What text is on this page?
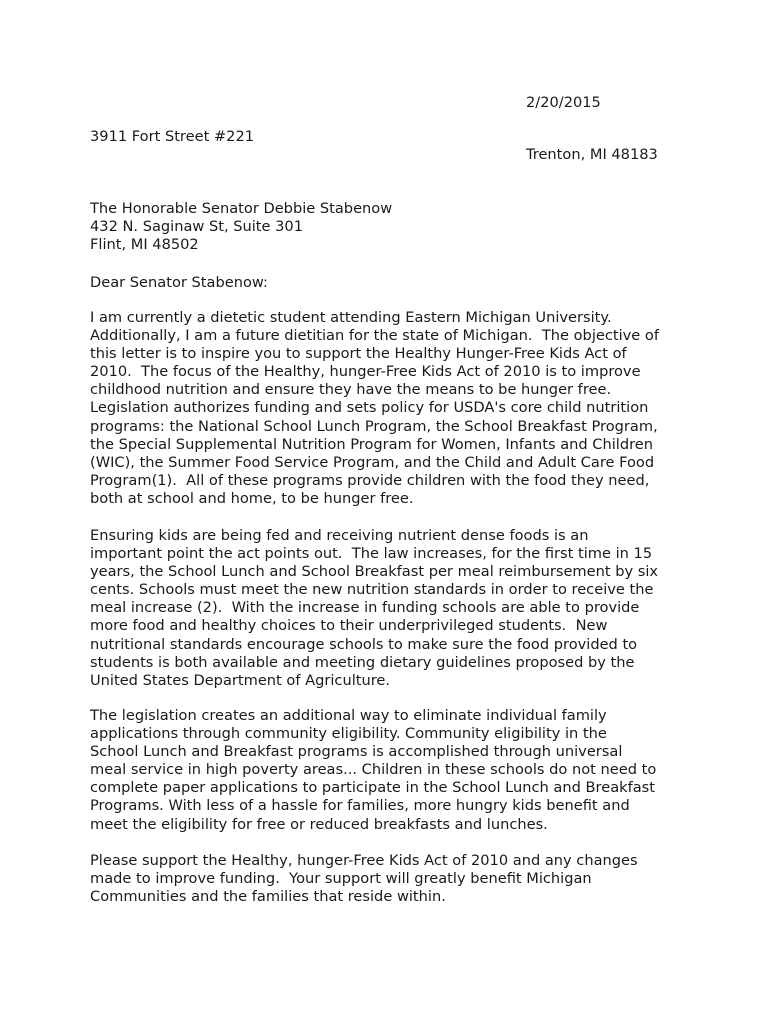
2/20/2015
3911 Fort Street #221
Trenton, MI 48183
The Honorable Senator Debbie Stabenow
432 N. Saginaw St, Suite 301
Flint, MI 48502
Dear Senator Stabenow:
I am currently a dietetic student attending Eastern Michigan University.
Additionally, I am a future dietitian for the state of Michigan.  The objective of
this letter is to inspire you to support the Healthy Hunger-Free Kids Act of
2010.  The focus of the Healthy, hunger-Free Kids Act of 2010 is to improve
childhood nutrition and ensure they have the means to be hunger free.
Legislation authorizes funding and sets policy for USDA's core child nutrition
programs: the National School Lunch Program, the School Breakfast Program,
the Special Supplemental Nutrition Program for Women, Infants and Children
(WIC), the Summer Food Service Program, and the Child and Adult Care Food
Program(1).  All of these programs provide children with the food they need,
both at school and home, to be hunger free.
Ensuring kids are being fed and receiving nutrient dense foods is an
important point the act points out.  The law increases, for the first time in 15
years, the School Lunch and School Breakfast per meal reimbursement by six
cents. Schools must meet the new nutrition standards in order to receive the
meal increase (2).  With the increase in funding schools are able to provide
more food and healthy choices to their underprivileged students.  New
nutritional standards encourage schools to make sure the food provided to
students is both available and meeting dietary guidelines proposed by the
United States Department of Agriculture.
The legislation creates an additional way to eliminate individual family
applications through community eligibility. Community eligibility in the
School Lunch and Breakfast programs is accomplished through universal
meal service in high poverty areas... Children in these schools do not need to
complete paper applications to participate in the School Lunch and Breakfast
Programs. With less of a hassle for families, more hungry kids benefit and
meet the eligibility for free or reduced breakfasts and lunches.
Please support the Healthy, hunger-Free Kids Act of 2010 and any changes
made to improve funding.  Your support will greatly benefit Michigan
Communities and the families that reside within.
